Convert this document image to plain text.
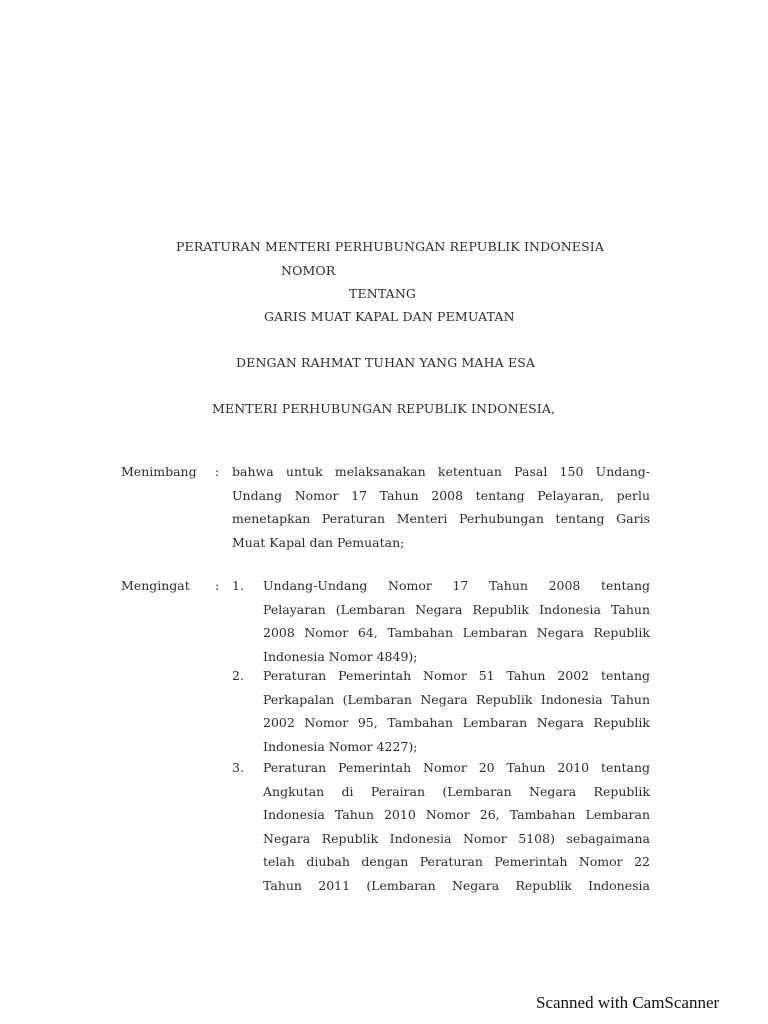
PERATURAN MENTERI PERHUBUNGAN REPUBLIK INDONESIA
NOMOR
TENTANG
GARIS MUAT KAPAL DAN PEMUATAN
DENGAN RAHMAT TUHAN YANG MAHA ESA
MENTERI PERHUBUNGAN REPUBLIK INDONESIA,
Menimbang : bahwa untuk melaksanakan ketentuan Pasal 150 Undang-
Undang Nomor 17 Tahun 2008 tentang Pelayaran, perlu
menetapkan Peraturan Menteri Perhubungan tentang Garis
Muat Kapal dan Pemuatan;
Mengingat : 1. Undang-Undang Nomor 17 Tahun 2008 tentang
Pelayaran (Lembaran Negara Republik Indonesia Tahun
2008 Nomor 64, Tambahan Lembaran Negara Republik
Indonesia Nomor 4849);
2. Peraturan Pemerintah Nomor 51 Tahun 2002 tentang
Perkapalan (Lembaran Negara Republik Indonesia Tahun
2002 Nomor 95, Tambahan Lembaran Negara Republik
Indonesia Nomor 4227);
3. Peraturan Pemerintah Nomor 20 Tahun 2010 tentang
Angkutan di Perairan (Lembaran Negara Republik
Indonesia Tahun 2010 Nomor 26, Tambahan Lembaran
Negara Republik Indonesia Nomor 5108) sebagaimana
telah diubah dengan Peraturan Pemerintah Nomor 22
Tahun 2011 (Lembaran Negara Republik Indonesia
Scanned with CamScanner
